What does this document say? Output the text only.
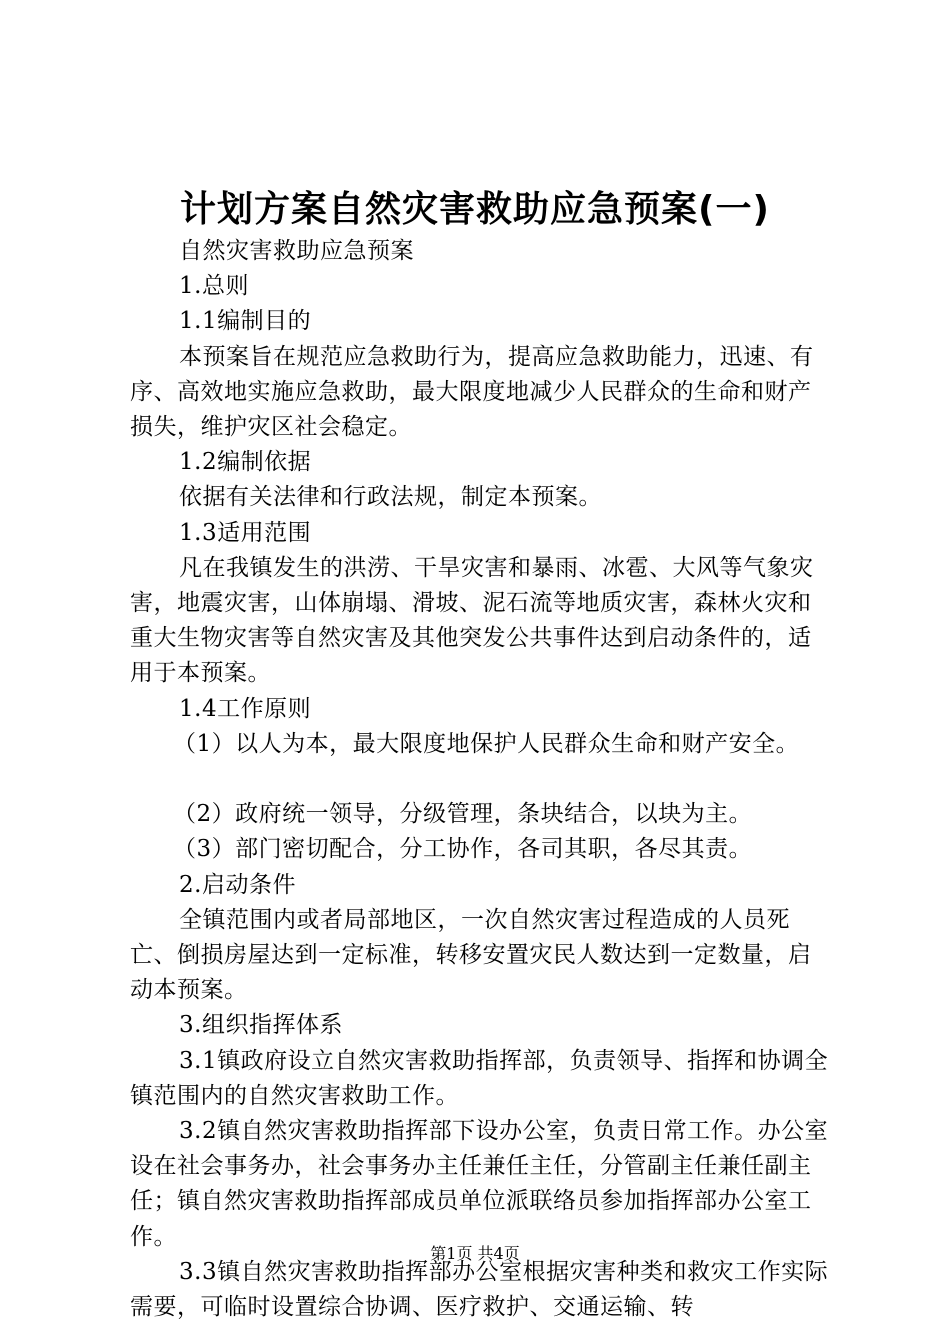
计划方案自然灾害救助应急预案(一)

自然灾害救助应急预案

1.总则

1.1编制目的

本预案旨在规范应急救助行为，提高应急救助能力，迅速、有序、高效地实施应急救助，最大限度地减少人民群众的生命和财产损失，维护灾区社会稳定。

1.2编制依据

依据有关法律和行政法规，制定本预案。

1.3适用范围

凡在我镇发生的洪涝、干旱灾害和暴雨、冰雹、大风等气象灾害，地震灾害，山体崩塌、滑坡、泥石流等地质灾害，森林火灾和重大生物灾害等自然灾害及其他突发公共事件达到启动条件的，适用于本预案。

1.4工作原则

（1）以人为本，最大限度地保护人民群众生命和财产安全。

（2）政府统一领导，分级管理，条块结合，以块为主。

（3）部门密切配合，分工协作，各司其职，各尽其责。

2.启动条件

全镇范围内或者局部地区，一次自然灾害过程造成的人员死亡、倒损房屋达到一定标准，转移安置灾民人数达到一定数量，启动本预案。

3.组织指挥体系

3.1镇政府设立自然灾害救助指挥部，负责领导、指挥和协调全镇范围内的自然灾害救助工作。

3.2镇自然灾害救助指挥部下设办公室，负责日常工作。办公室设在社会事务办，社会事务办主任兼任主任，分管副主任兼任副主任；镇自然灾害救助指挥部成员单位派联络员参加指挥部办公室工作。

3.3镇自然灾害救助指挥部办公室根据灾害种类和救灾工作实际需要，可临时设置综合协调、医疗救护、交通运输、转

第1页 共4页
